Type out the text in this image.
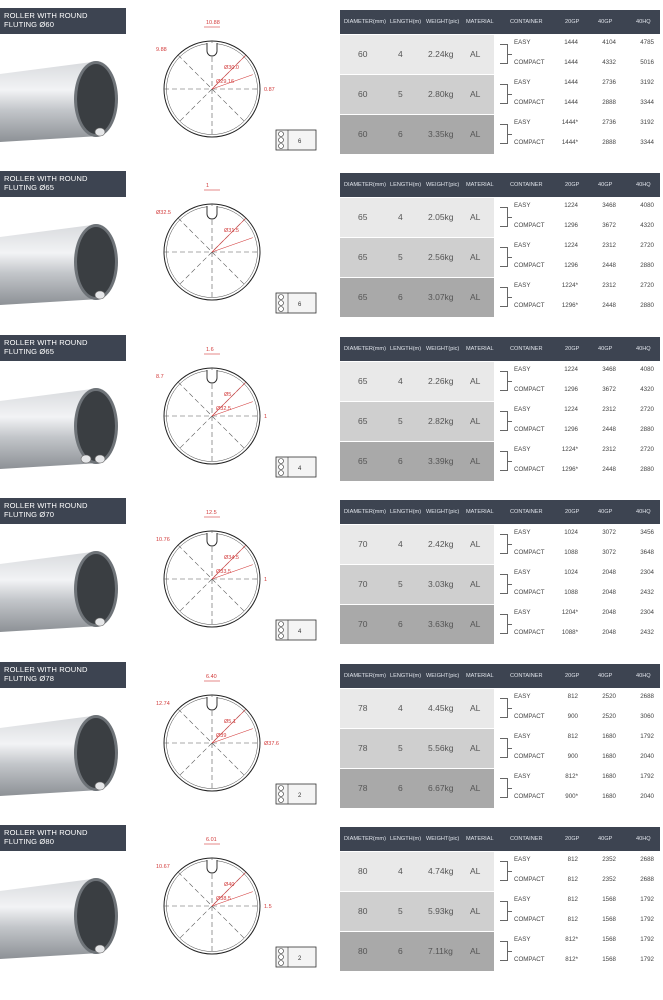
ROLLER WITH ROUND
FLUTING Ø60	10.88
9.88
Ø30.0
Ø29.16
0.87
6
DIAMETER(mm) LENGTH(m) WEIGHT(pic) MATERIAL	CONTAINER	20GP	40GP	40HQ
60	4	2.24kg AL
EASY	1444	4104	4785
COMPACT	1444	4332	5016
60	5	2.80kg AL
EASY	1444	2736	3192
COMPACT	1444	2888	3344
60	6	3.35kg AL
EASY	1444*	2736	3192
COMPACT	1444*	2888	3344
ROLLER WITH ROUND
FLUTING Ø65	1
Ø32.5
Ø31.5
6
DIAMETER(mm) LENGTH(m) WEIGHT(pic) MATERIAL	CONTAINER	20GP	40GP	40HQ
65	4	2.05kg AL
EASY	1224	3468	4080
COMPACT	1296	3672	4320
65	5	2.56kg AL
EASY	1224	2312	2720
COMPACT	1296	2448	2880
65	6	3.07kg AL
EASY	1224*	2312	2720
COMPACT	1296*	2448	2880
ROLLER WITH ROUND
FLUTING Ø65	1.6
8.7
Ø5
Ø32.5
1
4
DIAMETER(mm) LENGTH(m) WEIGHT(pic) MATERIAL	CONTAINER	20GP	40GP	40HQ
65	4	2.26kg AL
EASY	1224	3468	4080
COMPACT	1296	3672	4320
65	5	2.82kg AL
EASY	1224	2312	2720
COMPACT	1296	2448	2880
65	6	3.39kg AL
EASY	1224*	2312	2720
COMPACT	1296*	2448	2880
ROLLER WITH ROUND
FLUTING Ø70	12.5
10.76
Ø34.5
Ø33.5
1
4
DIAMETER(mm) LENGTH(m) WEIGHT(pic) MATERIAL	CONTAINER	20GP	40GP	40HQ
70	4	2.42kg AL
EASY	1024	3072	3456
COMPACT	1088	3072	3648
70	5	3.03kg AL
EASY	1024	2048	2304
COMPACT	1088	2048	2432
70	6	3.63kg AL
EASY	1204*	2048	2304
COMPACT	1088*	2048	2432
ROLLER WITH ROUND
FLUTING Ø78	6.40
12.74
Ø5.1
Ø39
Ø37.6
2
DIAMETER(mm) LENGTH(m) WEIGHT(pic) MATERIAL	CONTAINER	20GP	40GP	40HQ
78	4	4.45kg AL
EASY	812	2520	2688
COMPACT	900	2520	3060
78	5	5.56kg AL
EASY	812	1680	1792
COMPACT	900	1680	2040
78	6	6.67kg AL
EASY	812*	1680	1792
COMPACT	900*	1680	2040
ROLLER WITH ROUND
FLUTING Ø80	6.01
10.67
Ø40
Ø38.5
1.5
2
DIAMETER(mm) LENGTH(m) WEIGHT(pic) MATERIAL	CONTAINER	20GP	40GP	40HQ
80	4	4.74kg AL
EASY	812	2352	2688
COMPACT	812	2352	2688
80	5	5.93kg AL
EASY	812	1568	1792
COMPACT	812	1568	1792
80	6	7.11kg AL
EASY	812*	1568	1792
COMPACT	812*	1568	1792
